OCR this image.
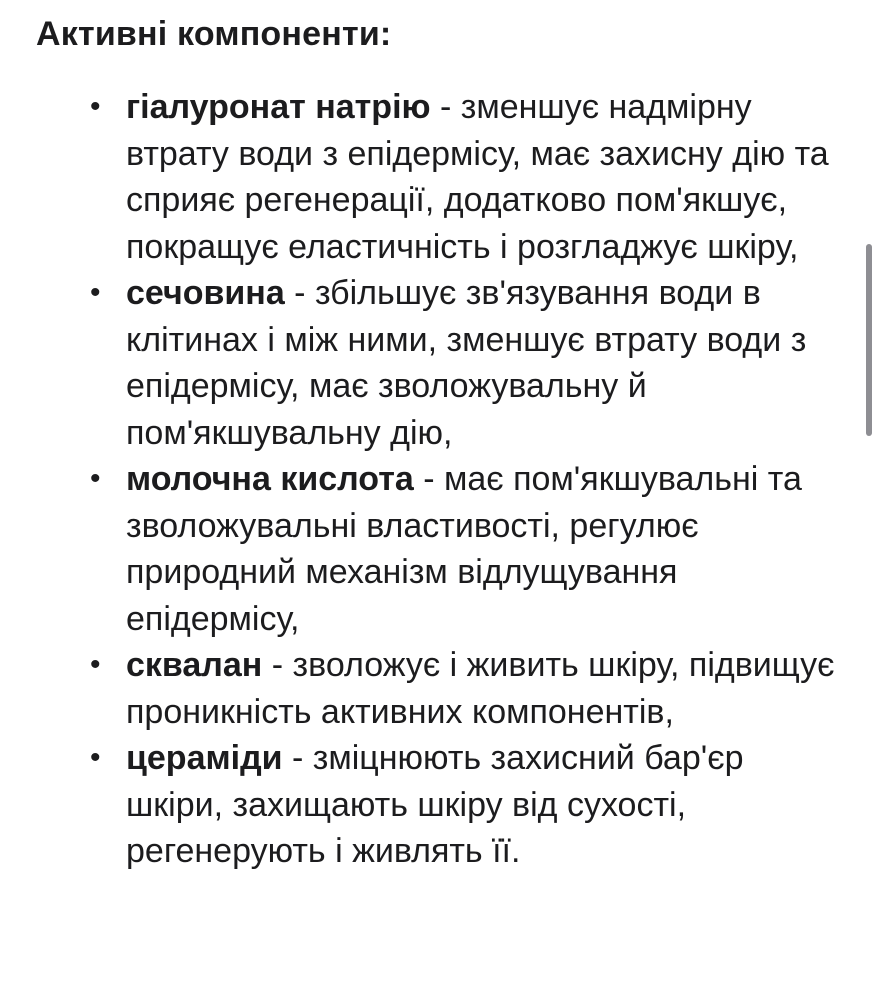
Активні компоненти:
• гіалуронат натрію - зменшує надмірну втрату води з епідермісу, має захисну дію та сприяє регенерації, додатково пом'якшує, покращує еластичність і розгладжує шкіру,
• сечовина - збільшує зв'язування води в клітинах і між ними, зменшує втрату води з епідермісу, має зволожувальну й пом'якшувальну дію,
• молочна кислота - має пом'якшувальні та зволожувальні властивості, регулює природний механізм відлущування епідермісу,
• сквалан - зволожує і живить шкіру, підвищує проникність активних компонентів,
• цераміди - зміцнюють захисний бар'єр шкіри, захищають шкіру від сухості, регенерують і живлять її.
